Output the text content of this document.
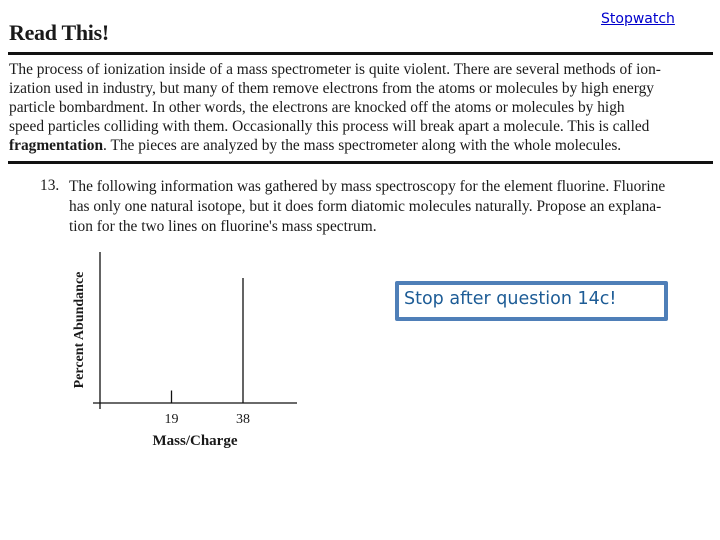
Stopwatch
Read This!
The process of ionization inside of a mass spectrometer is quite violent. There are several methods of ion-
ization used in industry, but many of them remove electrons from the atoms or molecules by high energy
particle bombardment. In other words, the electrons are knocked off the atoms or molecules by high
speed particles colliding with them. Occasionally this process will break apart a molecule. This is called
fragmentation. The pieces are analyzed by the mass spectrometer along with the whole molecules.
13. The following information was gathered by mass spectroscopy for the element fluorine. Fluorine
has only one natural isotope, but it does form diatomic molecules naturally. Propose an explana-
tion for the two lines on fluorine's mass spectrum.
19	38
Mass/Charge
Percent Abundance	Stop after question 14c!
